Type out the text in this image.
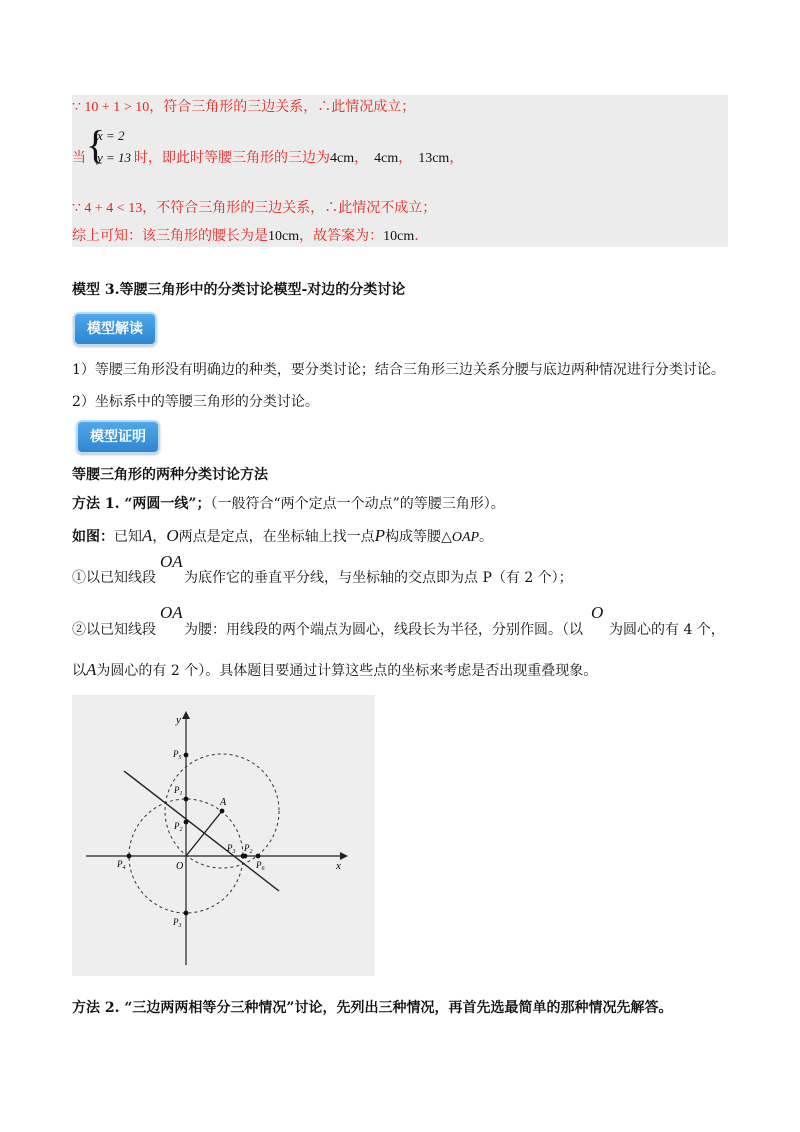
∵ 10 + 1 > 10，符合三角形的三边关系，∴此情况成立；
当 {
x = 2
y = 13 时，即此时等腰三角形的三边为4cm， 4cm， 13cm，
∵ 4 + 4 < 13，不符合三角形的三边关系，∴此情况不成立；
综上可知：该三角形的腰长为是10cm，故答案为：10cm.
模型 3.等腰三角形中的分类讨论模型-对边的分类讨论
模型解读
1）等腰三角形没有明确边的种类，要分类讨论；结合三角形三边关系分腰与底边两种情况进行分类讨论。
2）坐标系中的等腰三角形的分类讨论。
模型证明
等腰三角形的两种分类讨论方法
方法 1. “两圆一线”；（一般符合“两个定点一个动点”的等腰三角形）。
如图：已知A，O两点是定点，在坐标轴上找一点P构成等腰△OAP。
OA
①以已知线段 为底作它的垂直平分线，与坐标轴的交点即为点 P（有 2 个）；
OA	O
②以已知线段 为腰：用线段的两个端点为圆心，线段长为半径，分别作圆。（以 为圆心的有 4 个，
以A为圆心的有 2 个）。具体题目要通过计算这些点的坐标来考虑是否出现重叠现象。
y
x
O
A
$P_5$
$P_1$
$P_2$
$P_3$
$P_4$
$P_3$ $P_2$
$P_6$
方法 2. “三边两两相等分三种情况”讨论，先列出三种情况，再首先选最简单的那种情况先解答。
